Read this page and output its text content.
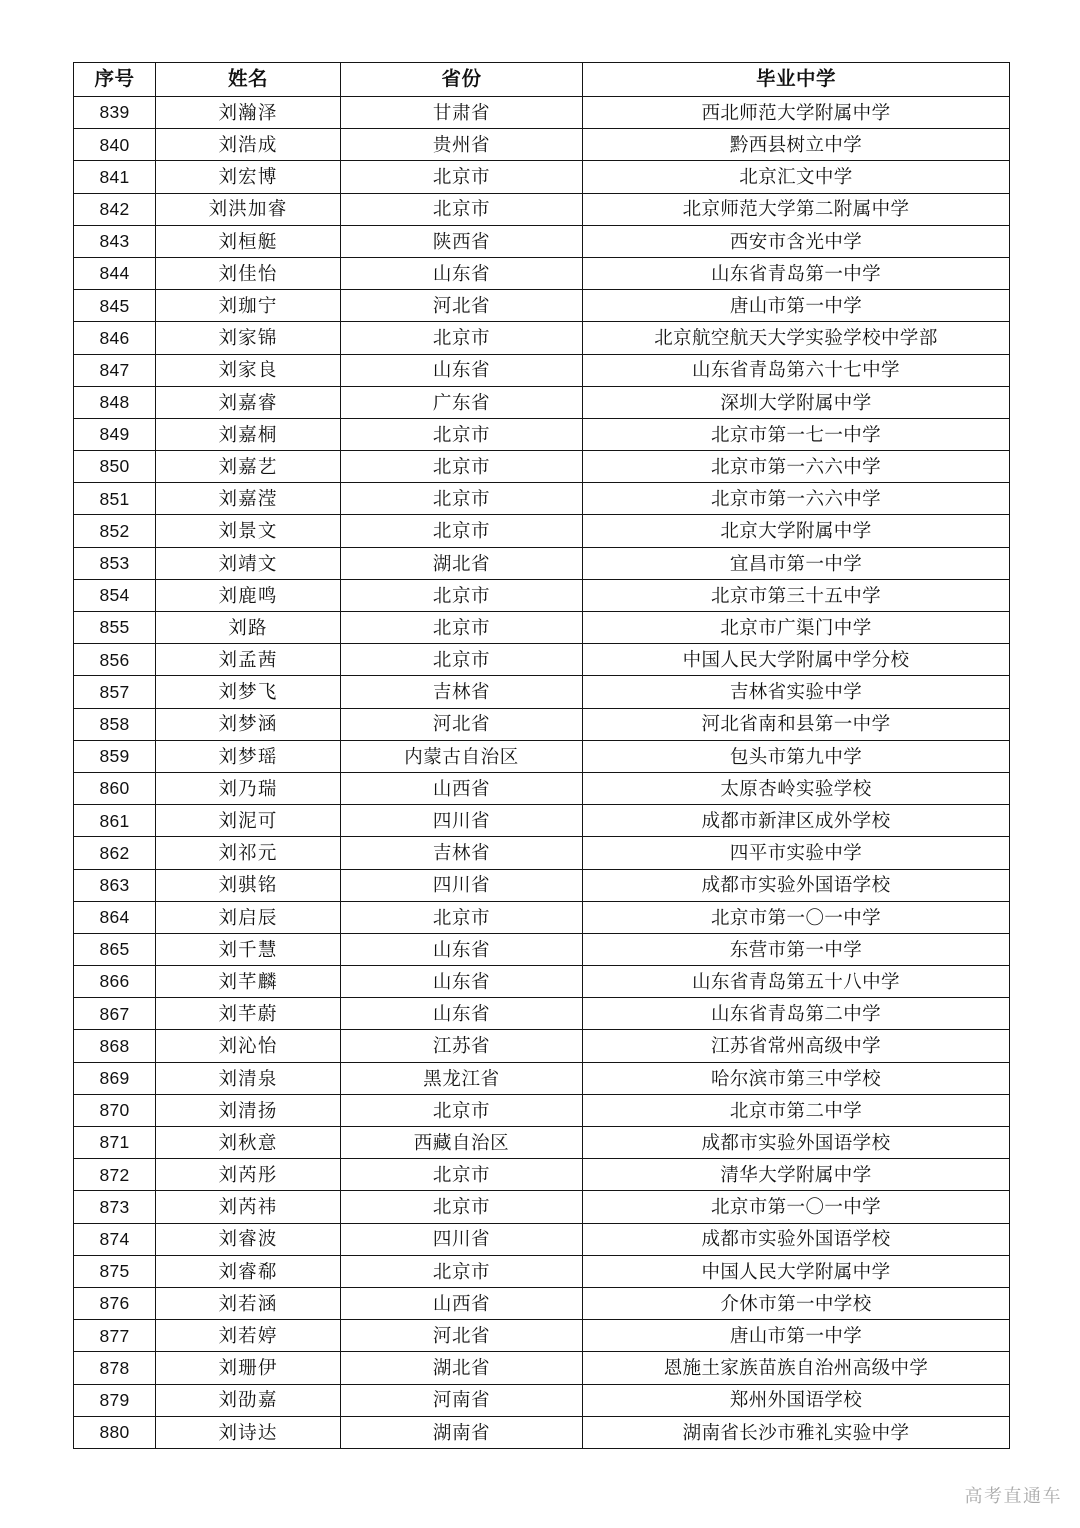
序号	姓名	省份	毕业中学
839	刘瀚泽	甘肃省	西北师范大学附属中学
840	刘浩成	贵州省	黔西县树立中学
841	刘宏博	北京市	北京汇文中学
842	刘洪加睿	北京市	北京师范大学第二附属中学
843	刘桓艇	陕西省	西安市含光中学
844	刘佳怡	山东省	山东省青岛第一中学
845	刘珈宁	河北省	唐山市第一中学
846	刘家锦	北京市	北京航空航天大学实验学校中学部
847	刘家良	山东省	山东省青岛第六十七中学
848	刘嘉睿	广东省	深圳大学附属中学
849	刘嘉桐	北京市	北京市第一七一中学
850	刘嘉艺	北京市	北京市第一六六中学
851	刘嘉滢	北京市	北京市第一六六中学
852	刘景文	北京市	北京大学附属中学
853	刘靖文	湖北省	宜昌市第一中学
854	刘鹿鸣	北京市	北京市第三十五中学
855	刘路	北京市	北京市广渠门中学
856	刘孟茜	北京市	中国人民大学附属中学分校
857	刘梦飞	吉林省	吉林省实验中学
858	刘梦涵	河北省	河北省南和县第一中学
859	刘梦瑶	内蒙古自治区	包头市第九中学
860	刘乃瑞	山西省	太原杏岭实验学校
861	刘泥可	四川省	成都市新津区成外学校
862	刘祁元	吉林省	四平市实验中学
863	刘骐铭	四川省	成都市实验外国语学校
864	刘启辰	北京市	北京市第一〇一中学
865	刘千慧	山东省	东营市第一中学
866	刘芊麟	山东省	山东省青岛第五十八中学
867	刘芊蔚	山东省	山东省青岛第二中学
868	刘沁怡	江苏省	江苏省常州高级中学
869	刘清泉	黑龙江省	哈尔滨市第三中学校
870	刘清扬	北京市	北京市第二中学
871	刘秋意	西藏自治区	成都市实验外国语学校
872	刘芮彤	北京市	清华大学附属中学
873	刘芮祎	北京市	北京市第一〇一中学
874	刘睿波	四川省	成都市实验外国语学校
875	刘睿郗	北京市	中国人民大学附属中学
876	刘若涵	山西省	介休市第一中学校
877	刘若婷	河北省	唐山市第一中学
878	刘珊伊	湖北省	恩施土家族苗族自治州高级中学
879	刘劭嘉	河南省	郑州外国语学校
880	刘诗达	湖南省	湖南省长沙市雅礼实验中学
高考直通车
